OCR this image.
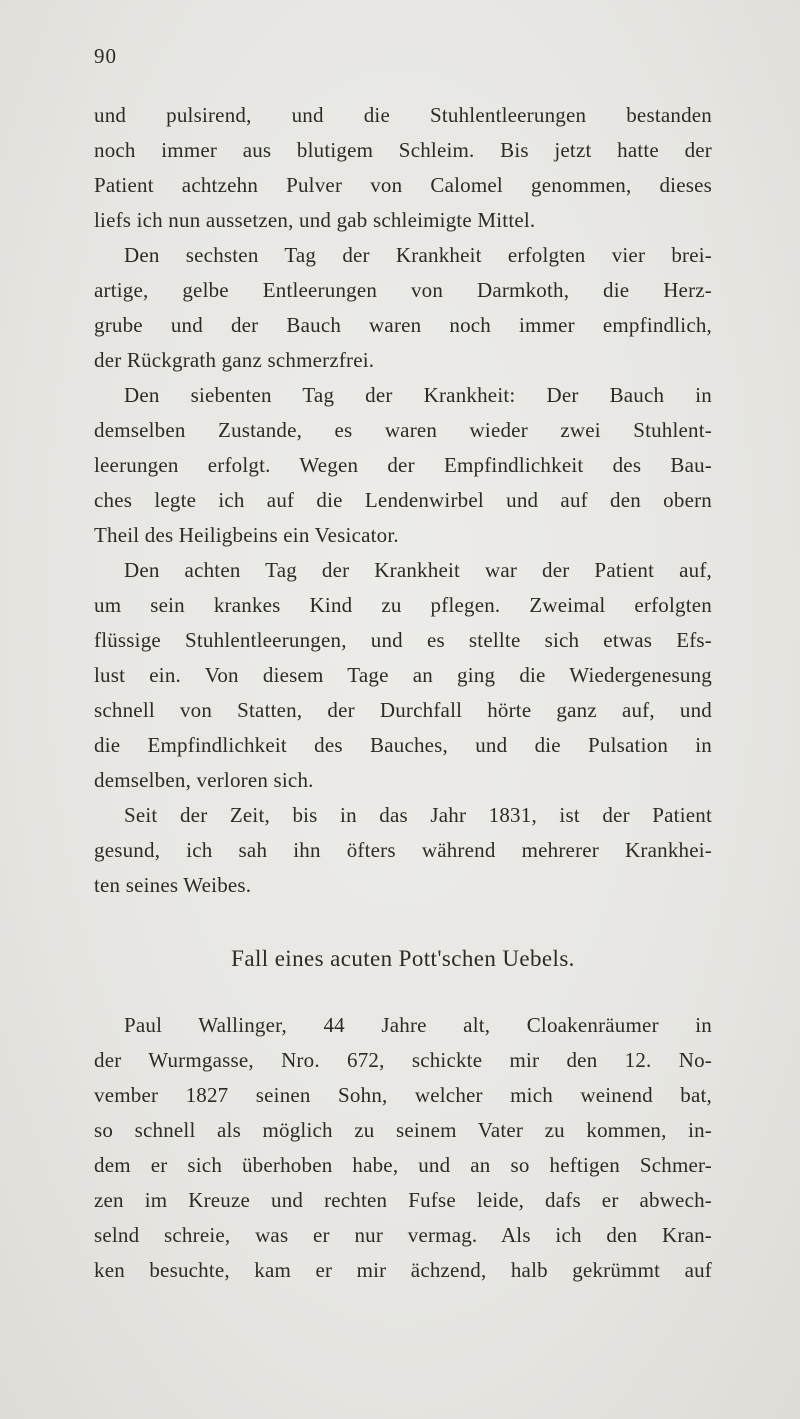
90
und pulsirend, und die Stuhlentleerungen bestanden
noch immer aus blutigem Schleim. Bis jetzt hatte der
Patient achtzehn Pulver von Calomel genommen, dieses
liefs ich nun aussetzen, und gab schleimigte Mittel.
Den sechsten Tag der Krankheit erfolgten vier brei-
artige, gelbe Entleerungen von Darmkoth, die Herz-
grube und der Bauch waren noch immer empfindlich,
der Rückgrath ganz schmerzfrei.
Den siebenten Tag der Krankheit: Der Bauch in
demselben Zustande, es waren wieder zwei Stuhlent-
leerungen erfolgt. Wegen der Empfindlichkeit des Bau-
ches legte ich auf die Lendenwirbel und auf den obern
Theil des Heiligbeins ein Vesicator.
Den achten Tag der Krankheit war der Patient auf,
um sein krankes Kind zu pflegen. Zweimal erfolgten
flüssige Stuhlentleerungen, und es stellte sich etwas Efs-
lust ein. Von diesem Tage an ging die Wiedergenesung
schnell von Statten, der Durchfall hörte ganz auf, und
die Empfindlichkeit des Bauches, und die Pulsation in
demselben, verloren sich.
Seit der Zeit, bis in das Jahr 1831, ist der Patient
gesund, ich sah ihn öfters während mehrerer Krankhei-
ten seines Weibes.
Fall eines acuten Pott'schen Uebels.
Paul Wallinger, 44 Jahre alt, Cloakenräumer in
der Wurmgasse, Nro. 672, schickte mir den 12. No-
vember 1827 seinen Sohn, welcher mich weinend bat,
so schnell als möglich zu seinem Vater zu kommen, in-
dem er sich überhoben habe, und an so heftigen Schmer-
zen im Kreuze und rechten Fufse leide, dafs er abwech-
selnd schreie, was er nur vermag. Als ich den Kran-
ken besuchte, kam er mir ächzend, halb gekrümmt auf
